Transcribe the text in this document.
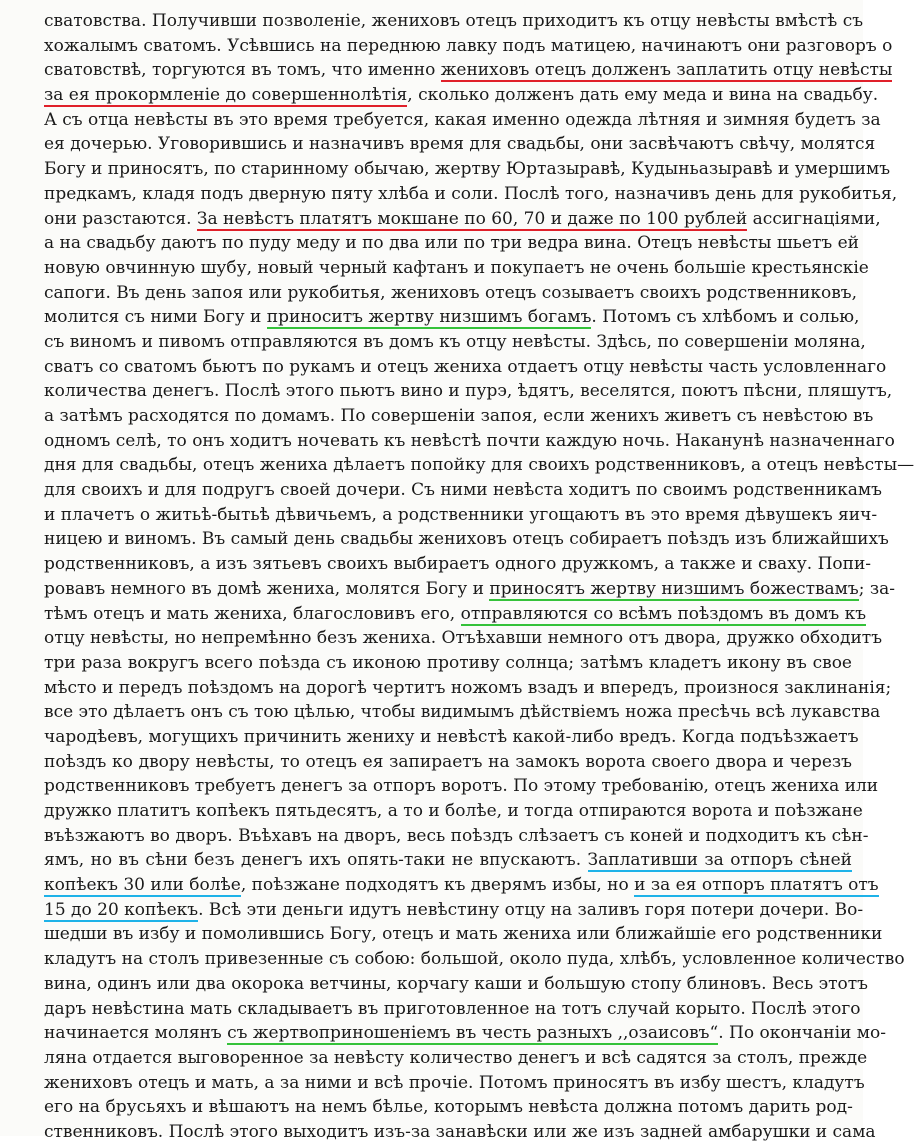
сватовства. Получивши позволеніе, жениховъ отецъ приходитъ къ отцу невѣсты вмѣстѣ съ
хожалымъ сватомъ. Усѣвшись на переднюю лавку подъ матицею, начинаютъ они разговоръ о
сватовствѣ, торгуются въ томъ, что именно жениховъ отецъ долженъ заплатить отцу невѣсты
за ея прокормленіе до совершеннолѣтія, сколько долженъ дать ему меда и вина на свадьбу.
А съ отца невѣсты въ это время требуется, какая именно одежда лѣтняя и зимняя будетъ за
ея дочерью. Уговорившись и назначивъ время для свадьбы, они засвѣчаютъ свѣчу, молятся
Богу и приносятъ, по старинному обычаю, жертву Юртазыравѣ, Кудыньазыравѣ и умершимъ
предкамъ, кладя подъ дверную пяту хлѣба и соли. Послѣ того, назначивъ день для рукобитья,
они разстаются. За невѣстъ платятъ мокшане по 60, 70 и даже по 100 рублей ассигнаціями,
а на свадьбу даютъ по пуду меду и по два или по три ведра вина. Отецъ невѣсты шьетъ ей
новую овчинную шубу, новый черный кафтанъ и покупаетъ не очень большіе крестьянскіе
сапоги. Въ день запоя или рукобитья, жениховъ отецъ созываетъ своихъ родственниковъ,
молится съ ними Богу и приноситъ жертву низшимъ богамъ. Потомъ съ хлѣбомъ и солью,
съ виномъ и пивомъ отправляются въ домъ къ отцу невѣсты. Здѣсь, по совершеніи моляна,
сватъ со сватомъ бьютъ по рукамъ и отецъ жениха отдаетъ отцу невѣсты часть условленнаго
количества денегъ. Послѣ этого пьютъ вино и пурэ, ѣдятъ, веселятся, поютъ пѣсни, пляшутъ,
а затѣмъ расходятся по домамъ. По совершеніи запоя, если женихъ живетъ съ невѣстою въ
одномъ селѣ, то онъ ходитъ ночевать къ невѣстѣ почти каждую ночь. Наканунѣ назначеннаго
дня для свадьбы, отецъ жениха дѣлаетъ попойку для своихъ родственниковъ, а отецъ невѣсты—
для своихъ и для подругъ своей дочери. Съ ними невѣста ходитъ по своимъ родственникамъ
и плачетъ о житьѣ-бытьѣ дѣвичьемъ, а родственники угощаютъ въ это время дѣвушекъ яич-
ницею и виномъ. Въ самый день свадьбы жениховъ отецъ собираетъ поѣздъ изъ ближайшихъ
родственниковъ, а изъ зятьевъ своихъ выбираетъ одного дружкомъ, а также и сваху. Попи-
ровавъ немного въ домѣ жениха, молятся Богу и приносятъ жертву низшимъ божествамъ; за-
тѣмъ отецъ и мать жениха, благословивъ его, отправляются со всѣмъ поѣздомъ въ домъ къ
отцу невѣсты, но непремѣнно безъ жениха. Отъѣхавши немного отъ двора, дружко обходитъ
три раза вокругъ всего поѣзда съ иконою противу солнца; затѣмъ кладетъ икону въ свое
мѣсто и передъ поѣздомъ на дорогѣ чертитъ ножомъ взадъ и впередъ, произнося заклинанія;
все это дѣлаетъ онъ съ тою цѣлью, чтобы видимымъ дѣйствіемъ ножа пресѣчь всѣ лукавства
чародѣевъ, могущихъ причинить жениху и невѣстѣ какой-либо вредъ. Когда подъѣзжаетъ
поѣздъ ко двору невѣсты, то отецъ ея запираетъ на замокъ ворота своего двора и черезъ
родственниковъ требуетъ денегъ за отпоръ воротъ. По этому требованію, отецъ жениха или
дружко платитъ копѣекъ пятьдесятъ, а то и болѣе, и тогда отпираются ворота и поѣзжане
въѣзжаютъ во дворъ. Въѣхавъ на дворъ, весь поѣздъ слѣзаетъ съ коней и подходитъ къ сѣн-
ямъ, но въ сѣни безъ денегъ ихъ опять-таки не впускаютъ. Заплативши за отпоръ сѣней
копѣекъ 30 или болѣе, поѣзжане подходятъ къ дверямъ избы, но и за ея отпоръ платятъ отъ
15 до 20 копѣекъ. Всѣ эти деньги идутъ невѣстину отцу на заливъ горя потери дочери. Во-
шедши въ избу и помолившись Богу, отецъ и мать жениха или ближайшіе его родственники
кладутъ на столъ привезенные съ собою: большой, около пуда, хлѣбъ, условленное количество
вина, одинъ или два окорока ветчины, корчагу каши и большую стопу блиновъ. Весь этотъ
даръ невѣстина мать складываетъ въ приготовленное на тотъ случай корыто. Послѣ этого
начинается молянъ съ жертвоприношеніемъ въ честь разныхъ ,,озаисовъ“. По окончаніи мо-
ляна отдается выговоренное за невѣсту количество денегъ и всѣ садятся за столъ, прежде
жениховъ отецъ и мать, а за ними и всѣ прочіе. Потомъ приносятъ въ избу шестъ, кладутъ
его на брусьяхъ и вѣшаютъ на немъ бѣлье, которымъ невѣста должна потомъ дарить род-
ственниковъ. Послѣ этого выходитъ изъ-за занавѣски или же изъ задней амбарушки и сама
